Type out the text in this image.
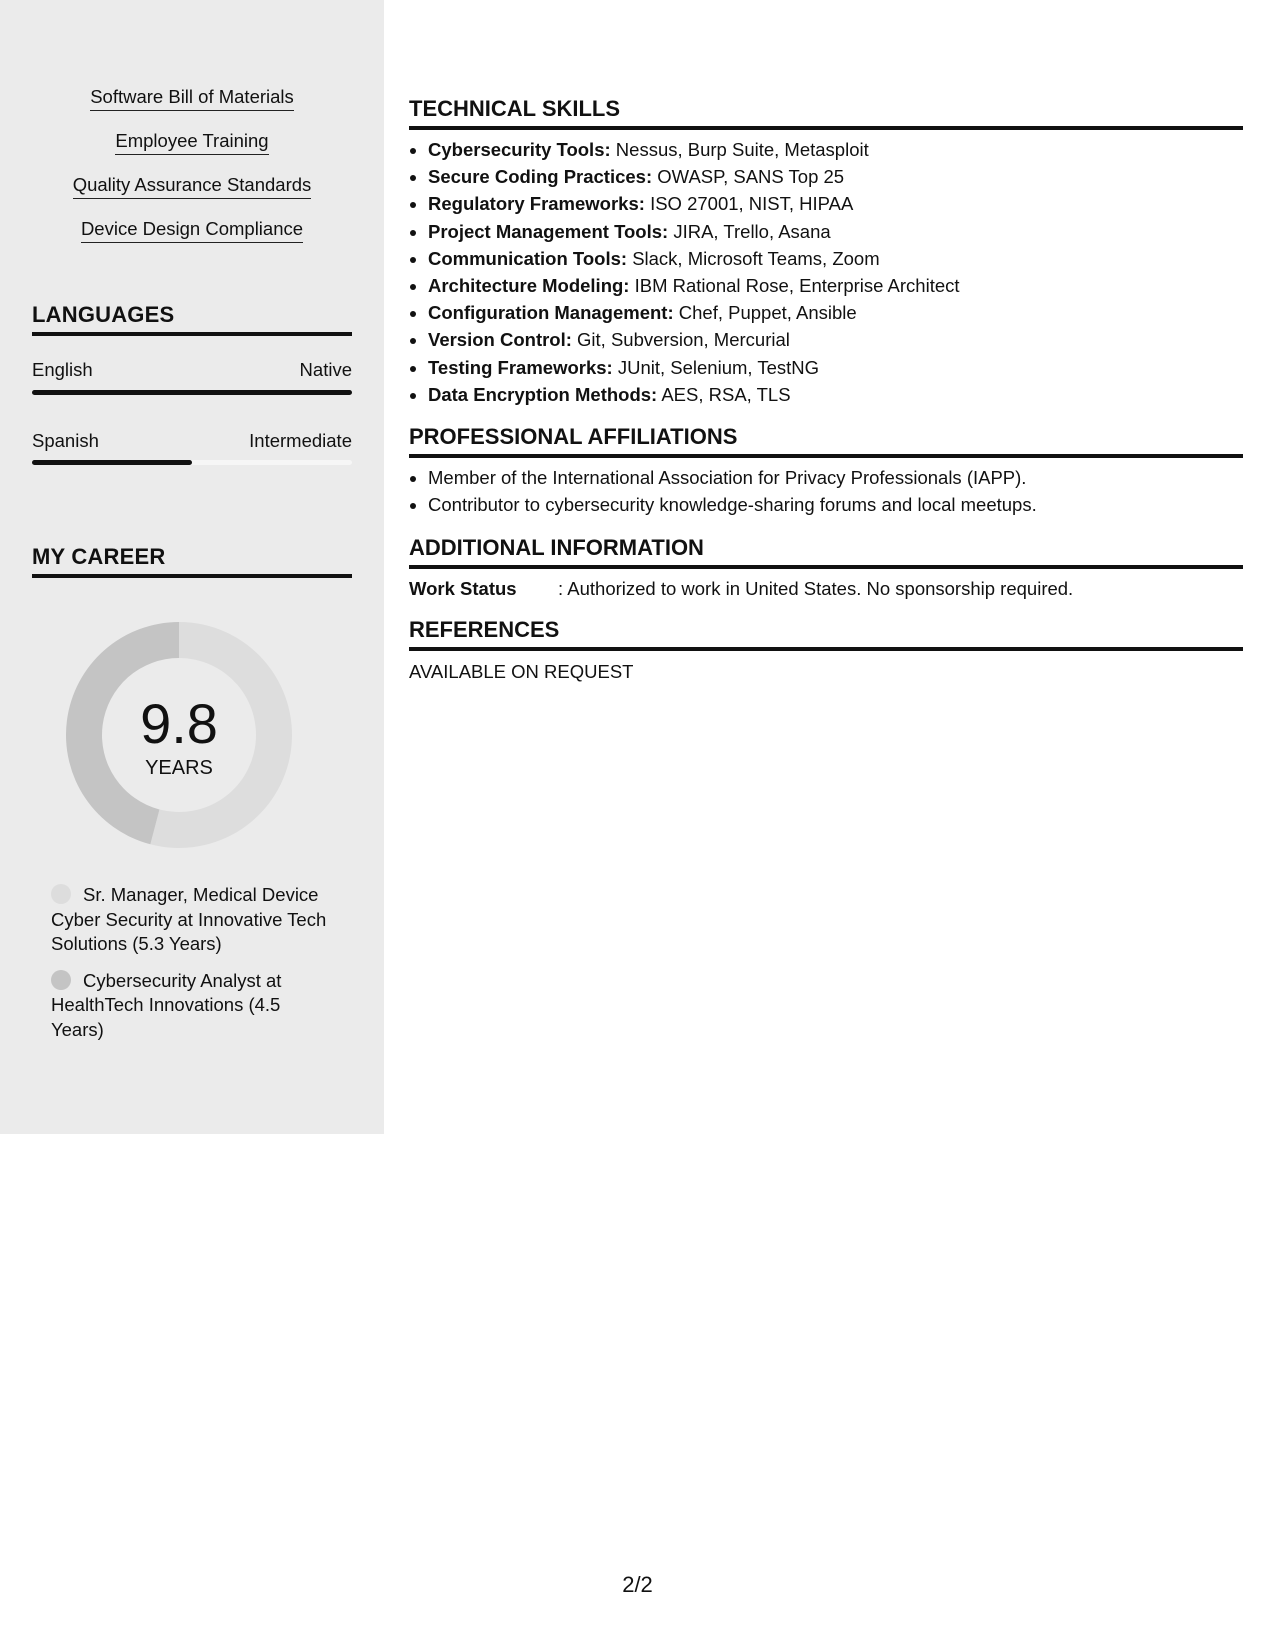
Software Bill of Materials
Employee Training
Quality Assurance Standards
Device Design Compliance
LANGUAGES
English	Native
Spanish	Intermediate
MY CAREER
9.8
YEARS
Sr. Manager, Medical Device Cyber Security at Innovative Tech Solutions (5.3 Years)
Cybersecurity Analyst at HealthTech Innovations (4.5 Years)
TECHNICAL SKILLS
• Cybersecurity Tools: Nessus, Burp Suite, Metasploit
• Secure Coding Practices: OWASP, SANS Top 25
• Regulatory Frameworks: ISO 27001, NIST, HIPAA
• Project Management Tools: JIRA, Trello, Asana
• Communication Tools: Slack, Microsoft Teams, Zoom
• Architecture Modeling: IBM Rational Rose, Enterprise Architect
• Configuration Management: Chef, Puppet, Ansible
• Version Control: Git, Subversion, Mercurial
• Testing Frameworks: JUnit, Selenium, TestNG
• Data Encryption Methods: AES, RSA, TLS
PROFESSIONAL AFFILIATIONS
• Member of the International Association for Privacy Professionals (IAPP).
• Contributor to cybersecurity knowledge-sharing forums and local meetups.
ADDITIONAL INFORMATION
Work Status : Authorized to work in United States. No sponsorship required.
REFERENCES
AVAILABLE ON REQUEST
2/2
